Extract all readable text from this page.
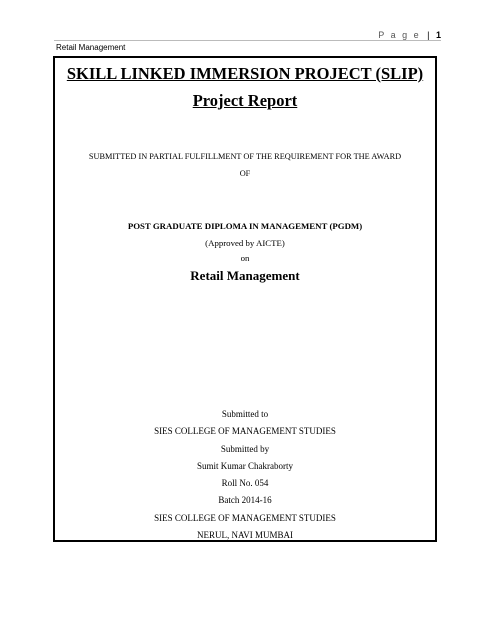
P a g e | 1
Retail Management
SKILL LINKED IMMERSION PROJECT (SLIP)
Project Report
SUBMITTED IN PARTIAL FULFILLMENT OF THE REQUIREMENT FOR THE AWARD
OF
POST GRADUATE DIPLOMA IN MANAGEMENT (PGDM)
(Approved by AICTE)
on
Retail Management
Submitted to
SIES COLLEGE OF MANAGEMENT STUDIES
Submitted by
Sumit Kumar Chakraborty
Roll No. 054
Batch 2014-16
SIES COLLEGE OF MANAGEMENT STUDIES
NERUL, NAVI MUMBAI
